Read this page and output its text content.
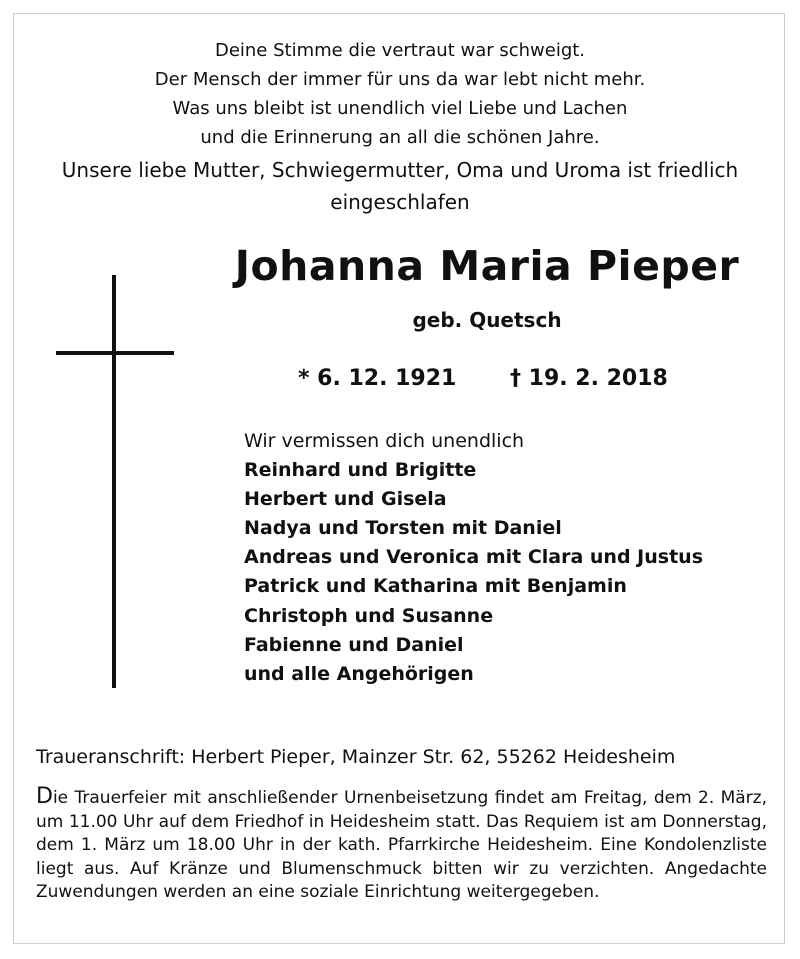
Deine Stimme die vertraut war schweigt.
Der Mensch der immer für uns da war lebt nicht mehr.
Was uns bleibt ist unendlich viel Liebe und Lachen
und die Erinnerung an all die schönen Jahre.
Unsere liebe Mutter, Schwiegermutter, Oma und Uroma ist friedlich
eingeschlafen
Johanna Maria Pieper
geb. Quetsch
* 6. 12. 1921 † 19. 2. 2018
Wir vermissen dich unendlich
Reinhard und Brigitte
Herbert und Gisela
Nadya und Torsten mit Daniel
Andreas und Veronica mit Clara und Justus
Patrick und Katharina mit Benjamin
Christoph und Susanne
Fabienne und Daniel
und alle Angehörigen
Traueranschrift: Herbert Pieper, Mainzer Str. 62, 55262 Heidesheim
Die Trauerfeier mit anschließender Urnenbeisetzung findet am Freitag, dem 2. März, um 11.00 Uhr auf dem Friedhof in Heidesheim statt. Das Requiem ist am Donnerstag, dem 1. März um 18.00 Uhr in der kath. Pfarrkirche Heidesheim. Eine Kondolenzliste liegt aus. Auf Kränze und Blumenschmuck bitten wir zu verzichten. Angedachte Zuwendungen werden an eine soziale Einrichtung weitergegeben.
